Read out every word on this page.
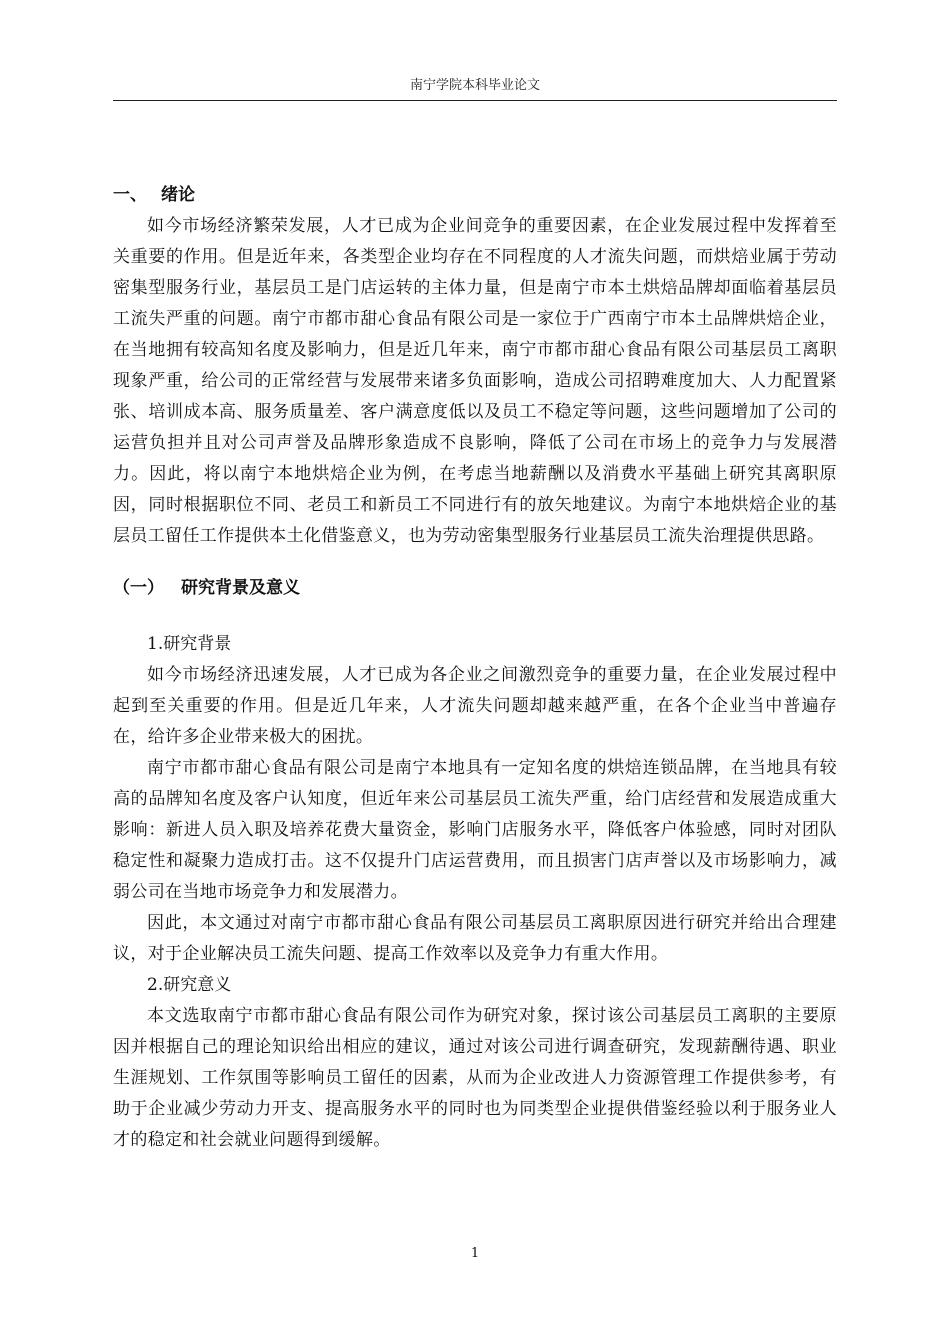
南宁学院本科毕业论文

一、 绪论

如今市场经济繁荣发展，人才已成为企业间竞争的重要因素，在企业发展过程中发挥着至关重要的作用。但是近年来，各类型企业均存在不同程度的人才流失问题，而烘焙业属于劳动密集型服务行业，基层员工是门店运转的主体力量，但是南宁市本土烘焙品牌却面临着基层员工流失严重的问题。南宁市都市甜心食品有限公司是一家位于广西南宁市本土品牌烘焙企业，在当地拥有较高知名度及影响力，但是近几年来，南宁市都市甜心食品有限公司基层员工离职现象严重，给公司的正常经营与发展带来诸多负面影响，造成公司招聘难度加大、人力配置紧张、培训成本高、服务质量差、客户满意度低以及员工不稳定等问题，这些问题增加了公司的运营负担并且对公司声誉及品牌形象造成不良影响，降低了公司在市场上的竞争力与发展潜力。因此，将以南宁本地烘焙企业为例，在考虑当地薪酬以及消费水平基础上研究其离职原因，同时根据职位不同、老员工和新员工不同进行有的放矢地建议。为南宁本地烘焙企业的基层员工留任工作提供本土化借鉴意义，也为劳动密集型服务行业基层员工流失治理提供思路。

（一） 研究背景及意义

1.研究背景

如今市场经济迅速发展，人才已成为各企业之间激烈竞争的重要力量，在企业发展过程中起到至关重要的作用。但是近几年来，人才流失问题却越来越严重，在各个企业当中普遍存在，给许多企业带来极大的困扰。

南宁市都市甜心食品有限公司是南宁本地具有一定知名度的烘焙连锁品牌，在当地具有较高的品牌知名度及客户认知度，但近年来公司基层员工流失严重，给门店经营和发展造成重大影响：新进人员入职及培养花费大量资金，影响门店服务水平，降低客户体验感，同时对团队稳定性和凝聚力造成打击。这不仅提升门店运营费用，而且损害门店声誉以及市场影响力，减弱公司在当地市场竞争力和发展潜力。

因此，本文通过对南宁市都市甜心食品有限公司基层员工离职原因进行研究并给出合理建议，对于企业解决员工流失问题、提高工作效率以及竞争力有重大作用。

2.研究意义

本文选取南宁市都市甜心食品有限公司作为研究对象，探讨该公司基层员工离职的主要原因并根据自己的理论知识给出相应的建议，通过对该公司进行调查研究，发现薪酬待遇、职业生涯规划、工作氛围等影响员工留任的因素，从而为企业改进人力资源管理工作提供参考，有助于企业减少劳动力开支、提高服务水平的同时也为同类型企业提供借鉴经验以利于服务业人才的稳定和社会就业问题得到缓解。

1
